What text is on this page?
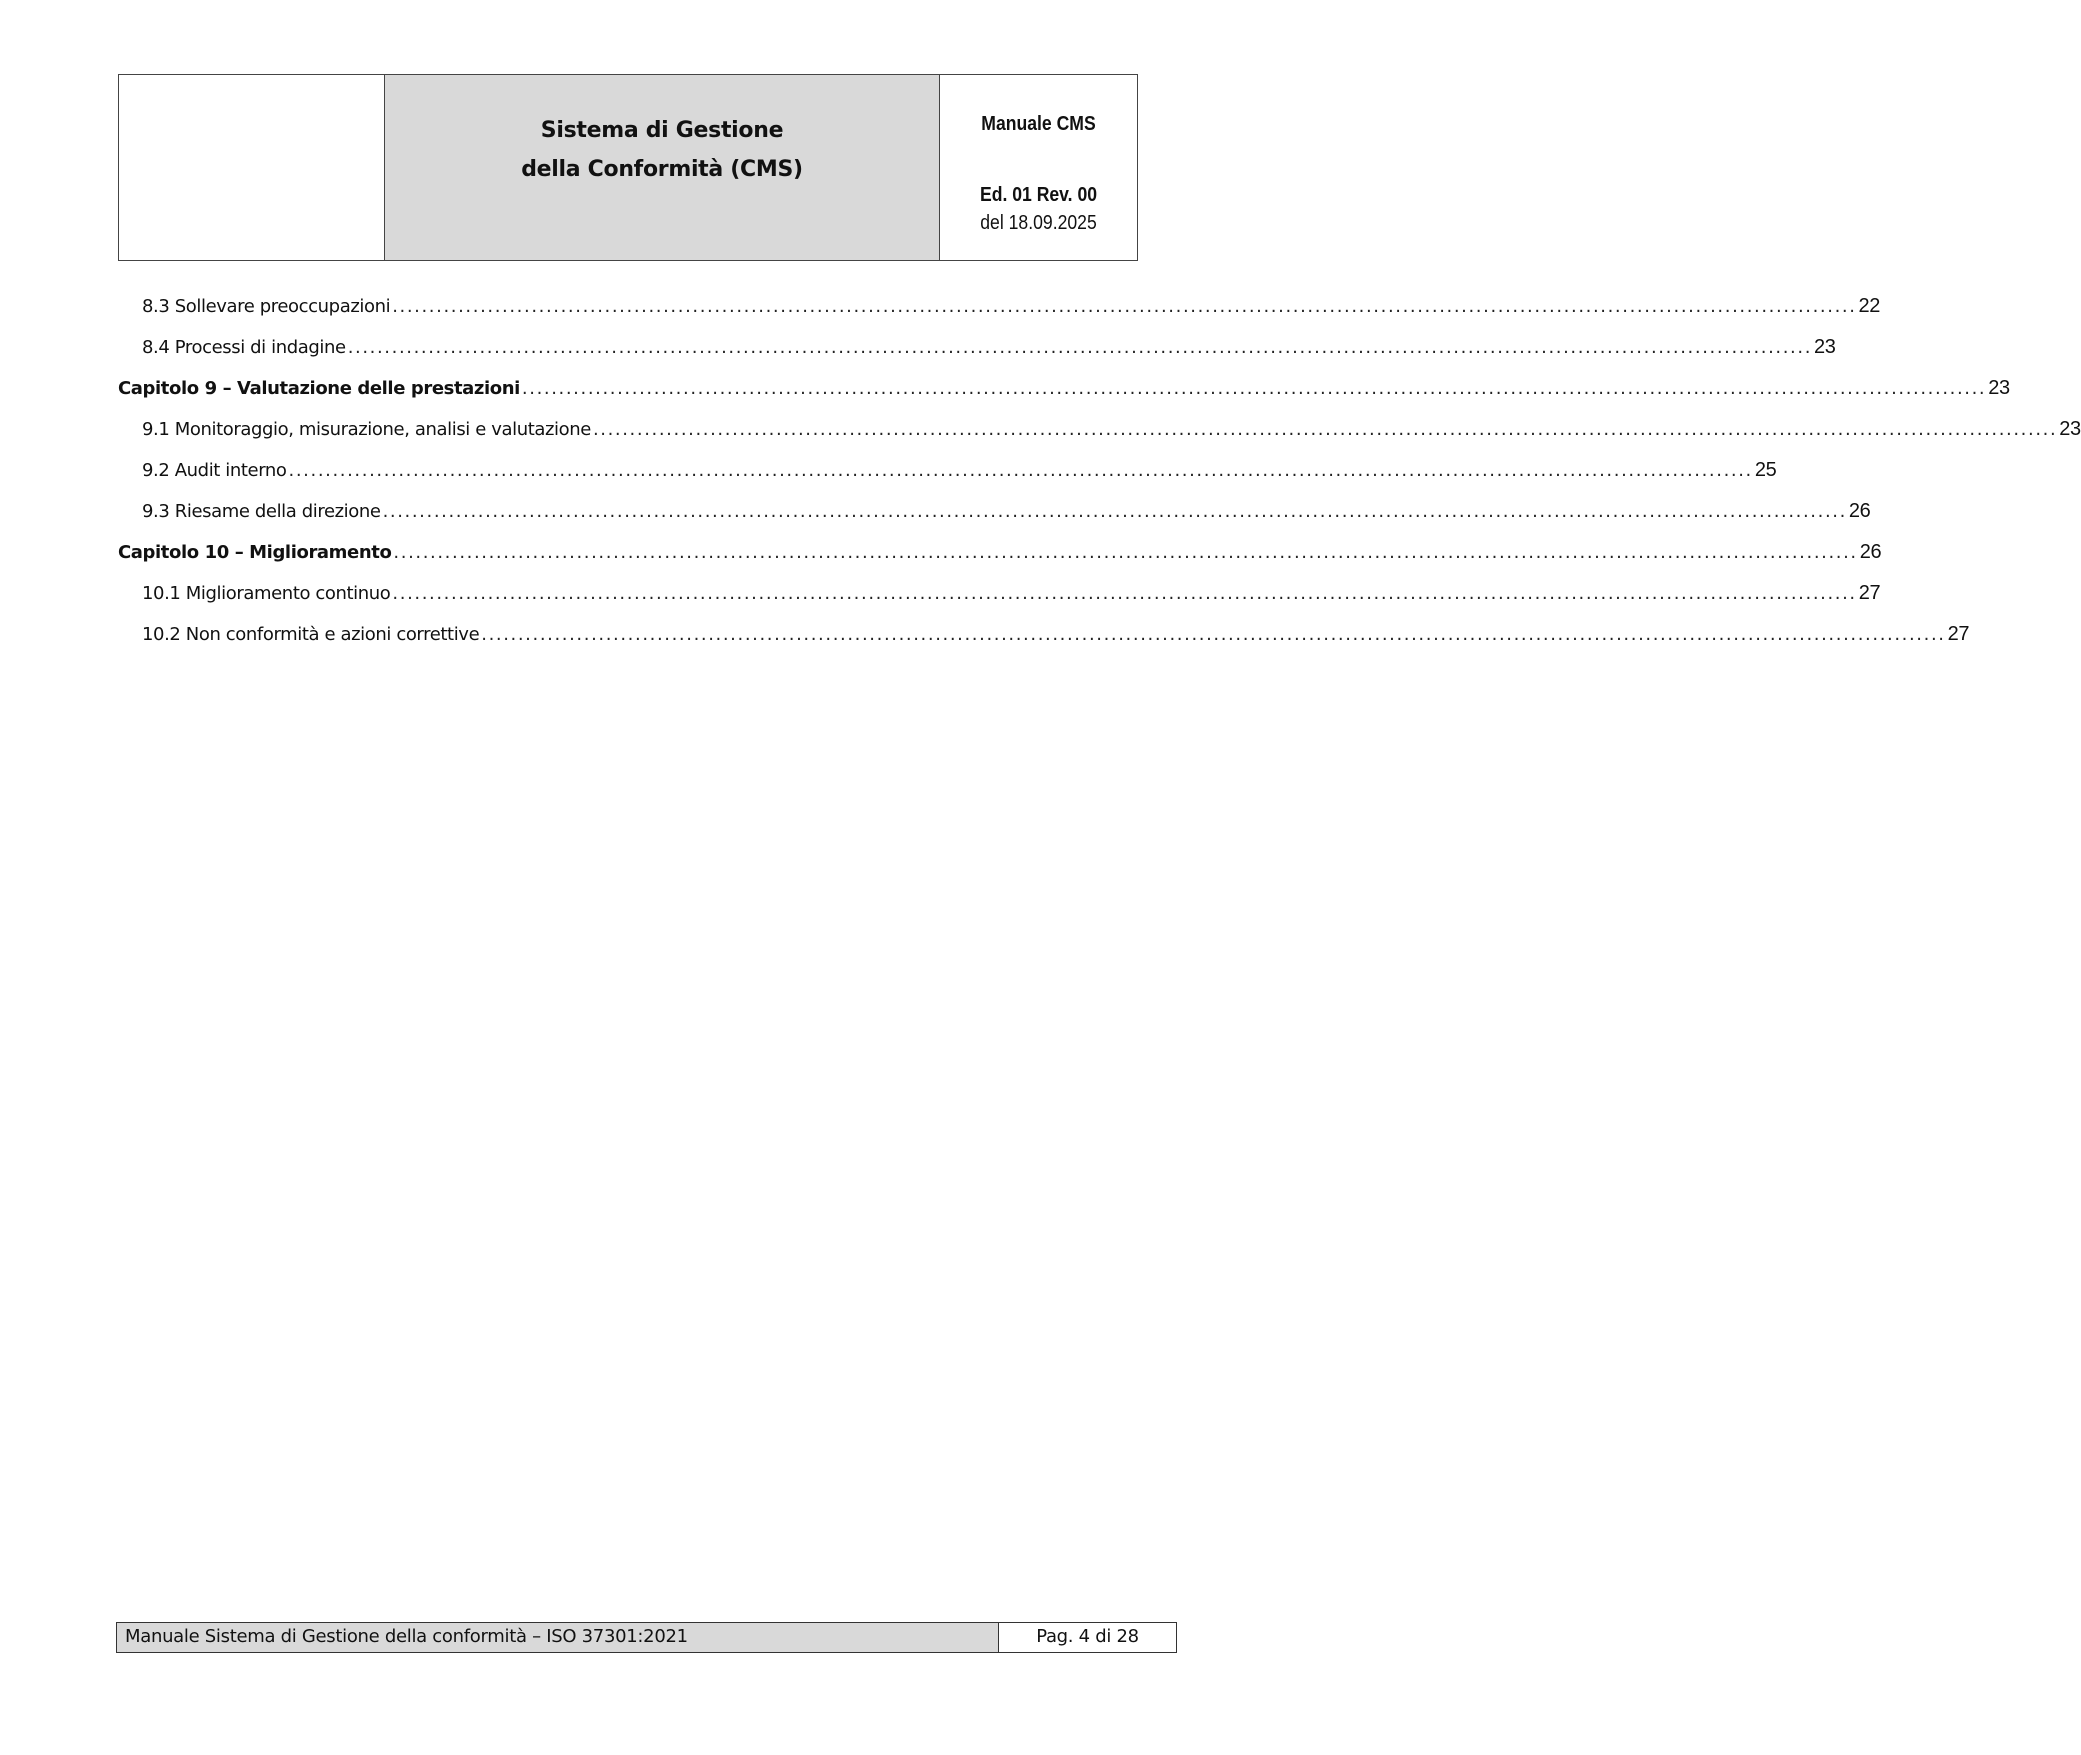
Sistema di Gestione
della Conformità (CMS)
Manuale CMS
Ed. 01 Rev. 00
del 18.09.2025
8.3 Sollevare preoccupazioni ........................................................................................................................................................................................................ 22
8.4 Processi di indagine ........................................................................................................................................................................................................ 23
Capitolo 9 – Valutazione delle prestazioni ........................................................................................................................................................................................................ 23
9.1 Monitoraggio, misurazione, analisi e valutazione ........................................................................................................................................................................................................ 23
9.2 Audit interno ........................................................................................................................................................................................................ 25
9.3 Riesame della direzione ........................................................................................................................................................................................................ 26
Capitolo 10 – Miglioramento ........................................................................................................................................................................................................ 26
10.1 Miglioramento continuo ........................................................................................................................................................................................................ 27
10.2 Non conformità e azioni correttive ........................................................................................................................................................................................................ 27
Manuale Sistema di Gestione della conformità – ISO 37301:2021	Pag. 4 di 28
